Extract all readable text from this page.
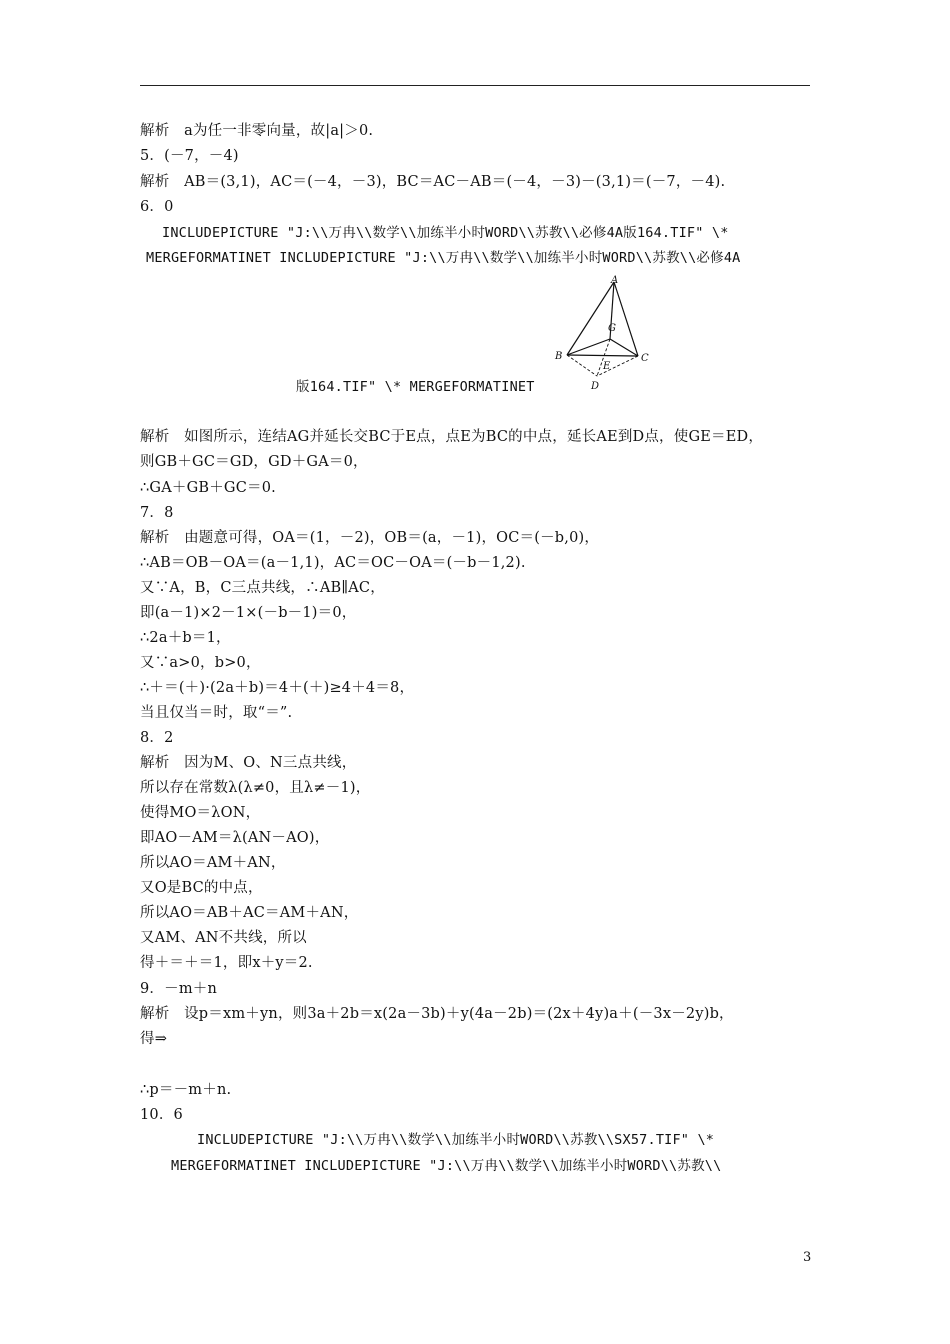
解析　a为任一非零向量，故|a|＞0.
5．(－7，－4)
解析　AB＝(3,1)，AC＝(－4，－3)，BC＝AC－AB＝(－4，－3)－(3,1)＝(－7，－4).
6．0
INCLUDEPICTURE "J:\\万冉\\数学\\加练半小时WORD\\苏教\\必修4A版164.TIF" \*
MERGEFORMATINET INCLUDEPICTURE "J:\\万冉\\数学\\加练半小时WORD\\苏教\\必修4A
版164.TIF" \* MERGEFORMATINET
A
G
B	C
E
D
解析　如图所示，连结AG并延长交BC于E点，点E为BC的中点，延长AE到D点，使GE＝ED，
则GB＋GC＝GD，GD＋GA＝0，
∴GA＋GB＋GC＝0.
7．8
解析　由题意可得，OA＝(1，－2)，OB＝(a，－1)，OC＝(－b,0)，
∴AB＝OB－OA＝(a－1,1)，AC＝OC－OA＝(－b－1,2).
又∵A，B，C三点共线，∴AB∥AC，
即(a－1)×2－1×(－b－1)＝0，
∴2a＋b＝1，
又∵a>0，b>0，
∴＋＝(＋)·(2a＋b)＝4＋(＋)≥4＋4＝8，
当且仅当＝时，取“＝”.
8．2
解析　因为M、O、N三点共线，
所以存在常数λ(λ≠0，且λ≠－1)，
使得MO＝λON，
即AO－AM＝λ(AN－AO)，
所以AO＝AM＋AN，
又O是BC的中点，
所以AO＝AB＋AC＝AM＋AN，
又AM、AN不共线，所以
得＋＝＋＝1，即x＋y＝2.
9．－m＋n
解析　设p＝xm＋yn，则3a＋2b＝x(2a－3b)＋y(4a－2b)＝(2x＋4y)a＋(－3x－2y)b，
得⇒
∴p＝－m＋n.
10．6
INCLUDEPICTURE "J:\\万冉\\数学\\加练半小时WORD\\苏教\\SX57.TIF" \*
MERGEFORMATINET INCLUDEPICTURE "J:\\万冉\\数学\\加练半小时WORD\\苏教\\
3
